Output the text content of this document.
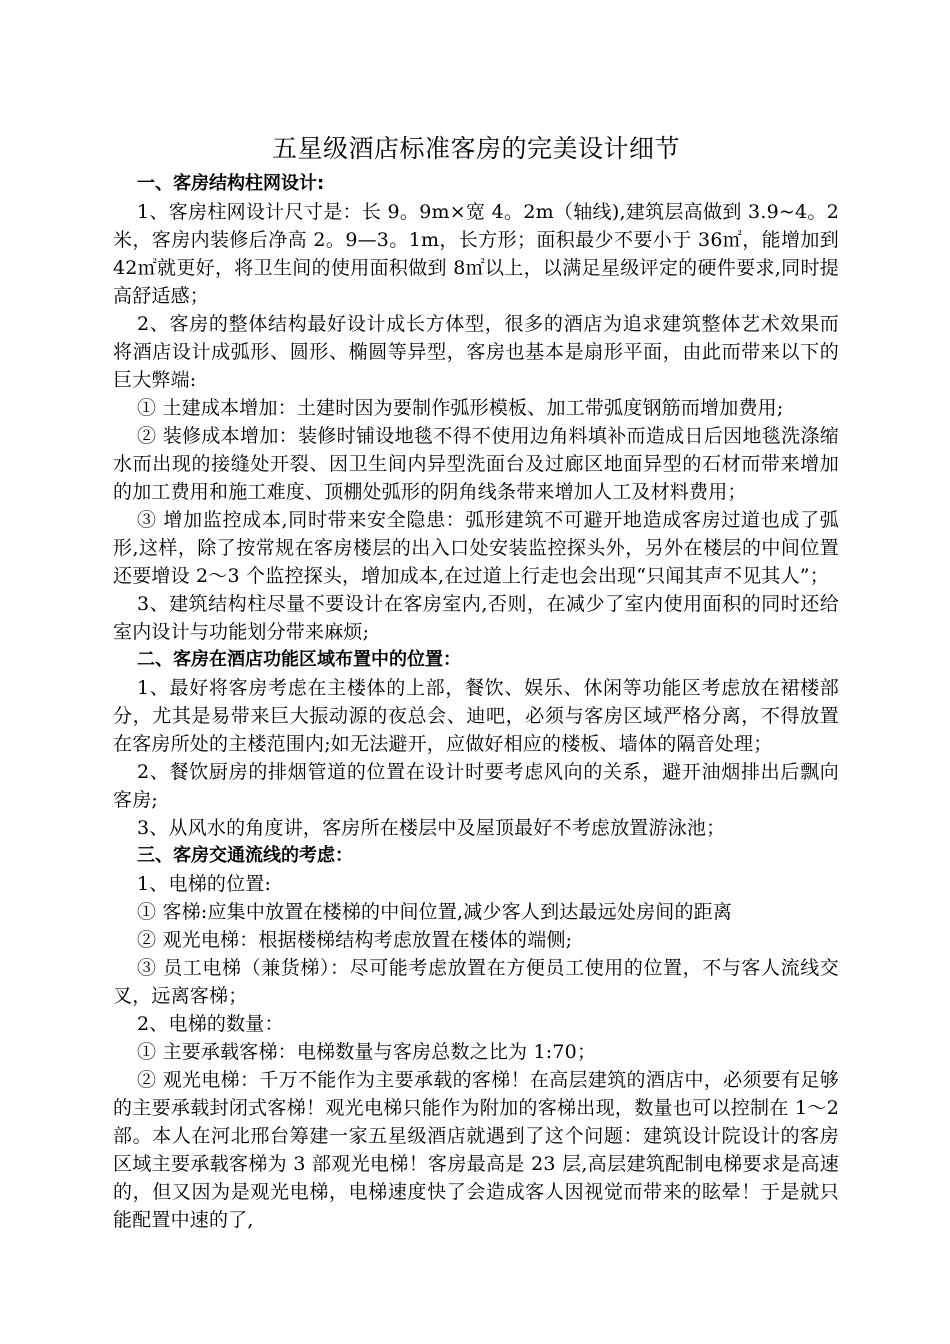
五星级酒店标准客房的完美设计细节

一、客房结构柱网设计:

1、客房柱网设计尺寸是：长 9。9m×宽 4。2m（轴线),建筑层高做到 3.9~4。2 米，客房内装修后净高 2。9—3。1m，长方形；面积最少不要小于 36㎡，能增加到 42㎡就更好，将卫生间的使用面积做到 8㎡以上，以满足星级评定的硬件要求,同时提高舒适感；

2、客房的整体结构最好设计成长方体型，很多的酒店为追求建筑整体艺术效果而将酒店设计成弧形、圆形、椭圆等异型，客房也基本是扇形平面，由此而带来以下的巨大弊端:

① 土建成本增加：土建时因为要制作弧形模板、加工带弧度钢筋而增加费用;

② 装修成本增加：装修时铺设地毯不得不使用边角料填补而造成日后因地毯洗涤缩水而出现的接缝处开裂、因卫生间内异型洗面台及过廊区地面异型的石材而带来增加的加工费用和施工难度、顶棚处弧形的阴角线条带来增加人工及材料费用；

③ 增加监控成本,同时带来安全隐患：弧形建筑不可避开地造成客房过道也成了弧形,这样，除了按常规在客房楼层的出入口处安装监控探头外，另外在楼层的中间位置还要增设 2～3 个监控探头，增加成本,在过道上行走也会出现“只闻其声不见其人”；

3、建筑结构柱尽量不要设计在客房室内,否则，在减少了室内使用面积的同时还给室内设计与功能划分带来麻烦;

二、客房在酒店功能区域布置中的位置：

1、最好将客房考虑在主楼体的上部，餐饮、娱乐、休闲等功能区考虑放在裙楼部分，尤其是易带来巨大振动源的夜总会、迪吧，必须与客房区域严格分离，不得放置在客房所处的主楼范围内;如无法避开，应做好相应的楼板、墙体的隔音处理；

2、餐饮厨房的排烟管道的位置在设计时要考虑风向的关系，避开油烟排出后飘向客房;

3、从风水的角度讲，客房所在楼层中及屋顶最好不考虑放置游泳池；

三、客房交通流线的考虑：

1、电梯的位置:

① 客梯:应集中放置在楼梯的中间位置,减少客人到达最远处房间的距离

② 观光电梯：根据楼梯结构考虑放置在楼体的端侧;

③ 员工电梯（兼货梯）：尽可能考虑放置在方便员工使用的位置，不与客人流线交叉，远离客梯；

2、电梯的数量：

① 主要承载客梯：电梯数量与客房总数之比为 1:70；

② 观光电梯：千万不能作为主要承载的客梯！在高层建筑的酒店中，必须要有足够的主要承载封闭式客梯！观光电梯只能作为附加的客梯出现，数量也可以控制在 1～2 部。本人在河北邢台筹建一家五星级酒店就遇到了这个问题：建筑设计院设计的客房区域主要承载客梯为 3 部观光电梯！客房最高是 23 层,高层建筑配制电梯要求是高速的，但又因为是观光电梯，电梯速度快了会造成客人因视觉而带来的眩晕！于是就只能配置中速的了,
